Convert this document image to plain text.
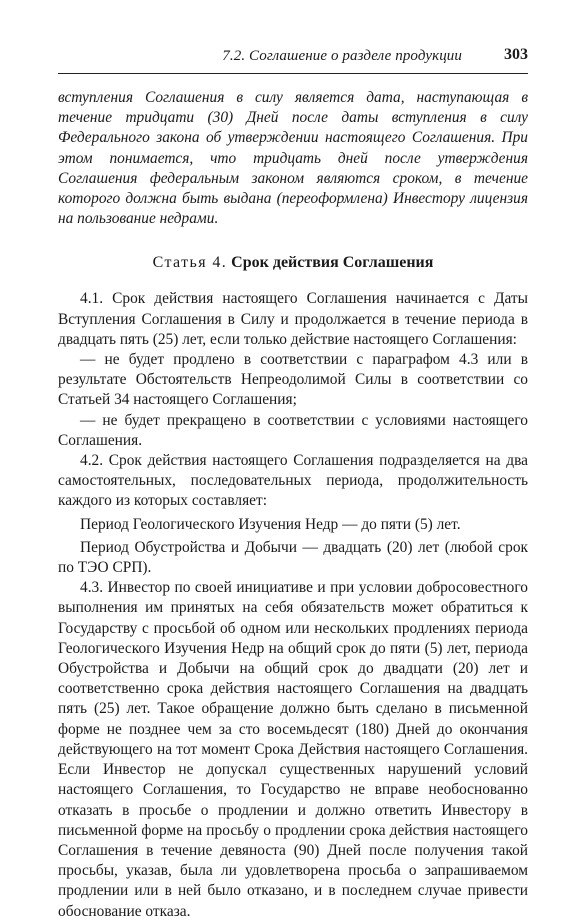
7.2. Соглашение о разделе продукции	303

вступления Соглашения в силу является дата, наступающая в течение тридцати (30) Дней после даты вступления в силу Федерального закона об утверждении настоящего Соглашения. При этом понимается, что тридцать дней после утверждения Соглашения федеральным законом являются сроком, в течение которого должна быть выдана (переоформлена) Инвестору лицензия на пользование недрами.

Статья 4. Срок действия Соглашения

4.1. Срок действия настоящего Соглашения начинается с Даты Вступления Соглашения в Силу и продолжается в течение периода в двадцать пять (25) лет, если только действие настоящего Соглашения:

— не будет продлено в соответствии с параграфом 4.3 или в результате Обстоятельств Непреодолимой Силы в соответствии со Статьей 34 настоящего Соглашения;

— не будет прекращено в соответствии с условиями настоящего Соглашения.

4.2. Срок действия настоящего Соглашения подразделяется на два самостоятельных, последовательных периода, продолжительность каждого из которых составляет:

Период Геологического Изучения Недр — до пяти (5) лет.

Период Обустройства и Добычи — двадцать (20) лет (любой срок по ТЭО СРП).

4.3. Инвестор по своей инициативе и при условии добросовестного выполнения им принятых на себя обязательств может обратиться к Государству с просьбой об одном или нескольких продлениях периода Геологического Изучения Недр на общий срок до пяти (5) лет, периода Обустройства и Добычи на общий срок до двадцати (20) лет и соответственно срока действия настоящего Соглашения на двадцать пять (25) лет. Такое обращение должно быть сделано в письменной форме не позднее чем за сто восемьдесят (180) Дней до окончания действующего на тот момент Срока Действия настоящего Соглашения. Если Инвестор не допускал существенных нарушений условий настоящего Соглашения, то Государство не вправе необоснованно отказать в просьбе о продлении и должно ответить Инвестору в письменной форме на просьбу о продлении срока действия настоящего Соглашения в течение девяноста (90) Дней после получения такой просьбы, указав, была ли удовлетворена просьба о запрашиваемом продлении или в ней было отказано, и в последнем случае привести обоснование отказа.
